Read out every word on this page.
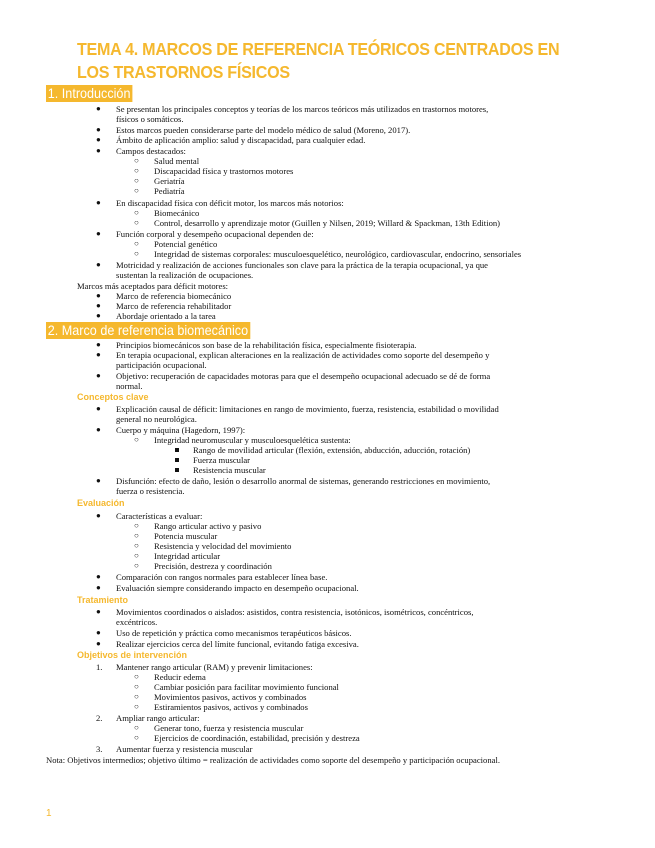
TEMA 4. MARCOS DE REFERENCIA TEÓRICOS CENTRADOS EN LOS TRASTORNOS FÍSICOS
1. Introducción
● Se presentan los principales conceptos y teorías de los marcos teóricos más utilizados en trastornos motores,
físicos o somáticos.
● Estos marcos pueden considerarse parte del modelo médico de salud (Moreno, 2017).
● Ámbito de aplicación amplio: salud y discapacidad, para cualquier edad.
● Campos destacados:
○ Salud mental
○ Discapacidad física y trastornos motores
○ Geriatría
○ Pediatría
● En discapacidad física con déficit motor, los marcos más notorios:
○ Biomecánico
○ Control, desarrollo y aprendizaje motor (Guillen y Nilsen, 2019; Willard & Spackman, 13th Edition)
● Función corporal y desempeño ocupacional dependen de:
○ Potencial genético
○ Integridad de sistemas corporales: musculoesquelético, neurológico, cardiovascular, endocrino, sensoriales
● Motricidad y realización de acciones funcionales son clave para la práctica de la terapia ocupacional, ya que
sustentan la realización de ocupaciones.
Marcos más aceptados para déficit motores:
● Marco de referencia biomecánico
● Marco de referencia rehabilitador
● Abordaje orientado a la tarea
2. Marco de referencia biomecánico
● Principios biomecánicos son base de la rehabilitación física, especialmente fisioterapia.
● En terapia ocupacional, explican alteraciones en la realización de actividades como soporte del desempeño y
participación ocupacional.
● Objetivo: recuperación de capacidades motoras para que el desempeño ocupacional adecuado se dé de forma
normal.
Conceptos clave
● Explicación causal de déficit: limitaciones en rango de movimiento, fuerza, resistencia, estabilidad o movilidad
general no neurológica.
● Cuerpo y máquina (Hagedorn, 1997):
○ Integridad neuromuscular y musculoesquelética sustenta:
Rango de movilidad articular (flexión, extensión, abducción, aducción, rotación)
Fuerza muscular
Resistencia muscular
● Disfunción: efecto de daño, lesión o desarrollo anormal de sistemas, generando restricciones en movimiento,
fuerza o resistencia.
Evaluación
● Características a evaluar:
○ Rango articular activo y pasivo
○ Potencia muscular
○ Resistencia y velocidad del movimiento
○ Integridad articular
○ Precisión, destreza y coordinación
● Comparación con rangos normales para establecer línea base.
● Evaluación siempre considerando impacto en desempeño ocupacional.
Tratamiento
● Movimientos coordinados o aislados: asistidos, contra resistencia, isotónicos, isométricos, concéntricos,
excéntricos.
● Uso de repetición y práctica como mecanismos terapéuticos básicos.
● Realizar ejercicios cerca del límite funcional, evitando fatiga excesiva.
Objetivos de intervención
1. Mantener rango articular (RAM) y prevenir limitaciones:
○ Reducir edema
○ Cambiar posición para facilitar movimiento funcional
○ Movimientos pasivos, activos y combinados
○ Estiramientos pasivos, activos y combinados
2. Ampliar rango articular:
○ Generar tono, fuerza y resistencia muscular
○ Ejercicios de coordinación, estabilidad, precisión y destreza
3. Aumentar fuerza y resistencia muscular
Nota: Objetivos intermedios; objetivo último = realización de actividades como soporte del desempeño y participación ocupacional.
1
